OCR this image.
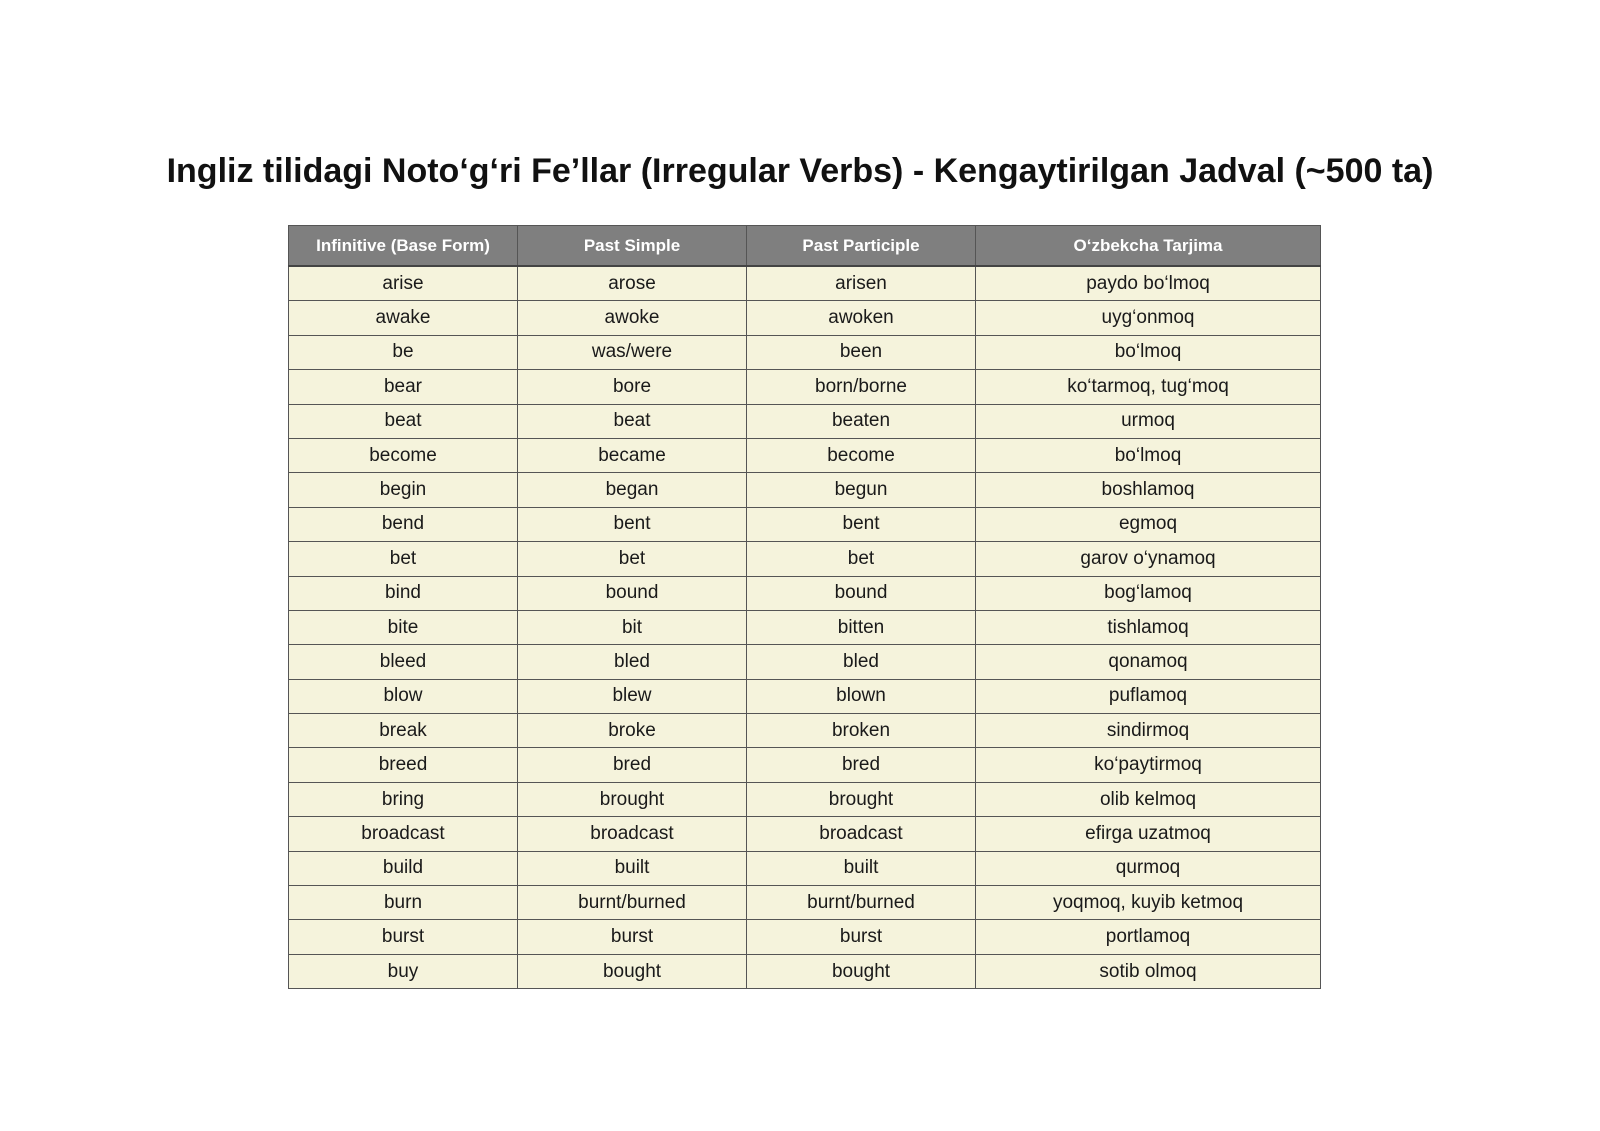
Ingliz tilidagi Noto‘g‘ri Fe’llar (Irregular Verbs) - Kengaytirilgan Jadval (~500 ta)
Infinitive (Base Form)	Past Simple	Past Participle	O‘zbekcha Tarjima
arise	arose	arisen	paydo bo‘lmoq
awake	awoke	awoken	uyg‘onmoq
be	was/were	been	bo‘lmoq
bear	bore	born/borne	ko‘tarmoq, tug‘moq
beat	beat	beaten	urmoq
become	became	become	bo‘lmoq
begin	began	begun	boshlamoq
bend	bent	bent	egmoq
bet	bet	bet	garov o‘ynamoq
bind	bound	bound	bog‘lamoq
bite	bit	bitten	tishlamoq
bleed	bled	bled	qonamoq
blow	blew	blown	puflamoq
break	broke	broken	sindirmoq
breed	bred	bred	ko‘paytirmoq
bring	brought	brought	olib kelmoq
broadcast	broadcast	broadcast	efirga uzatmoq
build	built	built	qurmoq
burn	burnt/burned	burnt/burned	yoqmoq, kuyib ketmoq
burst	burst	burst	portlamoq
buy	bought	bought	sotib olmoq
